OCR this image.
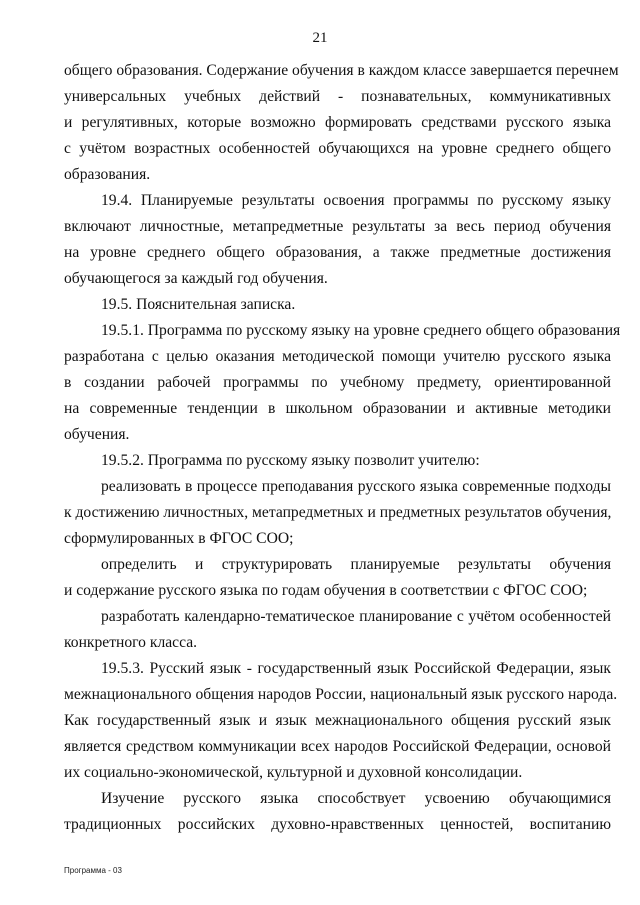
21
общего образования. Содержание обучения в каждом классе завершается перечнем
универсальных учебных действий - познавательных, коммуникативных
и регулятивных, которые возможно формировать средствами русского языка
с учётом возрастных особенностей обучающихся на уровне среднего общего
образования.
19.4. Планируемые результаты освоения программы по русскому языку
включают личностные, метапредметные результаты за весь период обучения
на уровне среднего общего образования, а также предметные достижения
обучающегося за каждый год обучения.
19.5. Пояснительная записка.
19.5.1. Программа по русскому языку на уровне среднего общего образования
разработана с целью оказания методической помощи учителю русского языка
в создании рабочей программы по учебному предмету, ориентированной
на современные тенденции в школьном образовании и активные методики
обучения.
19.5.2. Программа по русскому языку позволит учителю:
реализовать в процессе преподавания русского языка современные подходы
к достижению личностных, метапредметных и предметных результатов обучения,
сформулированных в ФГОС СОО;
определить и структурировать планируемые результаты обучения
и содержание русского языка по годам обучения в соответствии с ФГОС СОО;
разработать календарно-тематическое планирование с учётом особенностей
конкретного класса.
19.5.3. Русский язык - государственный язык Российской Федерации, язык
межнационального общения народов России, национальный язык русского народа.
Как государственный язык и язык межнационального общения русский язык
является средством коммуникации всех народов Российской Федерации, основой
их социально-экономической, культурной и духовной консолидации.
Изучение русского языка способствует усвоению обучающимися
традиционных российских духовно-нравственных ценностей, воспитанию
Программа - 03
